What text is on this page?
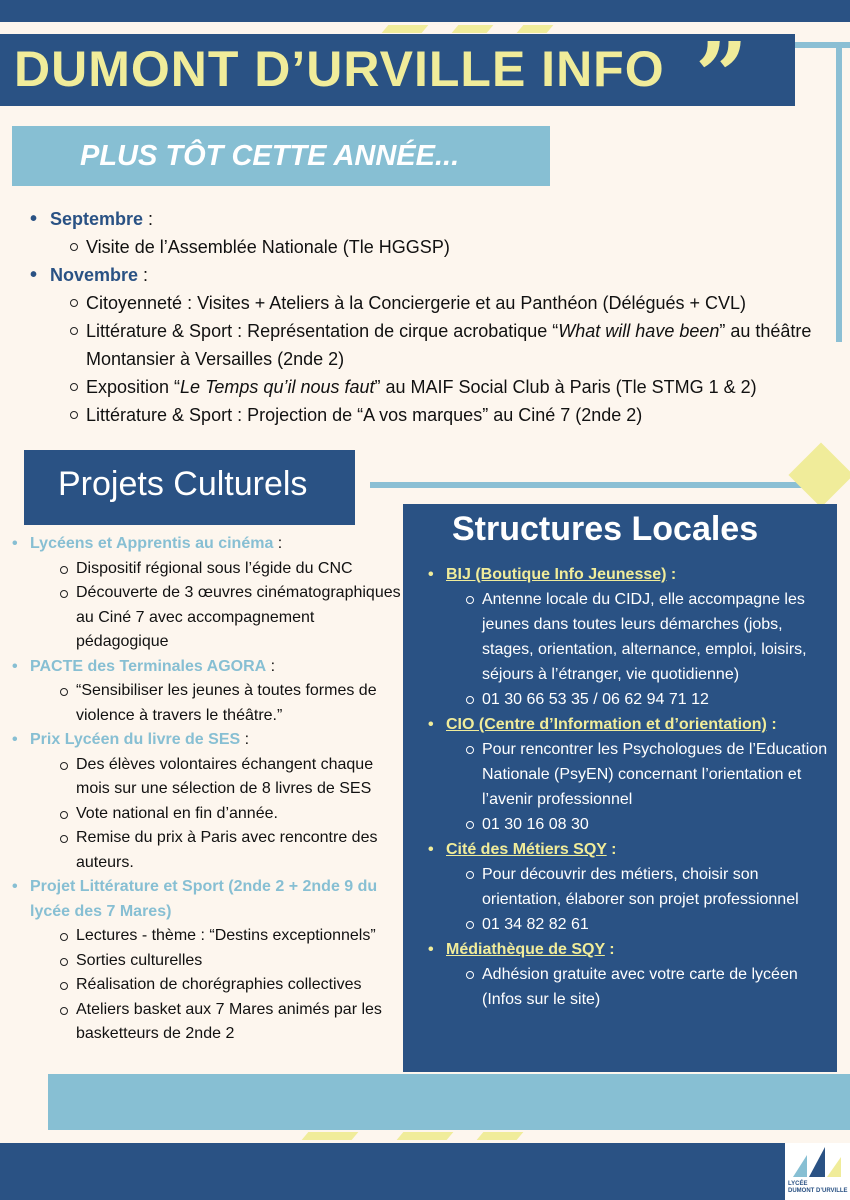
DUMONT D’URVILLE INFO ”
PLUS TÔT CETTE ANNÉE...
• Septembre :
Visite de l’Assemblée Nationale (Tle HGGSP)
• Novembre :
Citoyenneté : Visites + Ateliers à la Conciergerie et au Panthéon (Délégués + CVL)
Littérature & Sport : Représentation de cirque acrobatique “What will have been” au théâtre Montansier à Versailles (2nde 2)
Exposition “Le Temps qu’il nous faut” au MAIF Social Club à Paris (Tle STMG 1 & 2)
Littérature & Sport : Projection de “A vos marques” au Ciné 7 (2nde 2)
Projets Culturels
• Lycéens et Apprentis au cinéma :
Dispositif régional sous l’égide du CNC
Découverte de 3 œuvres cinématographiques au Ciné 7 avec accompagnement pédagogique
• PACTE des Terminales AGORA :
“Sensibiliser les jeunes à toutes formes de violence à travers le théâtre.”
• Prix Lycéen du livre de SES :
Des élèves volontaires échangent chaque mois sur une sélection de 8 livres de SES
Vote national en fin d’année.
Remise du prix à Paris avec rencontre des auteurs.
• Projet Littérature et Sport (2nde 2 + 2nde 9 du lycée des 7 Mares)
Lectures - thème : “Destins exceptionnels”
Sorties culturelles
Réalisation de chorégraphies collectives
Ateliers basket aux 7 Mares animés par les basketteurs de 2nde 2
Structures Locales
• BIJ (Boutique Info Jeunesse) :
Antenne locale du CIDJ, elle accompagne les jeunes dans toutes leurs démarches (jobs, stages, orientation, alternance, emploi, loisirs, séjours à l’étranger, vie quotidienne)
01 30 66 53 35 / 06 62 94 71 12
• CIO (Centre d’Information et d’orientation) :
Pour rencontrer les Psychologues de l’Education Nationale (PsyEN) concernant l’orientation et l’avenir professionnel
01 30 16 08 30
• Cité des Métiers SQY :
Pour découvrir des métiers, choisir son orientation, élaborer son projet professionnel
01 34 82 82 61
• Médiathèque de SQY :
Adhésion gratuite avec votre carte de lycéen (Infos sur le site)
LYCÉE
DUMONT D’URVILLE
